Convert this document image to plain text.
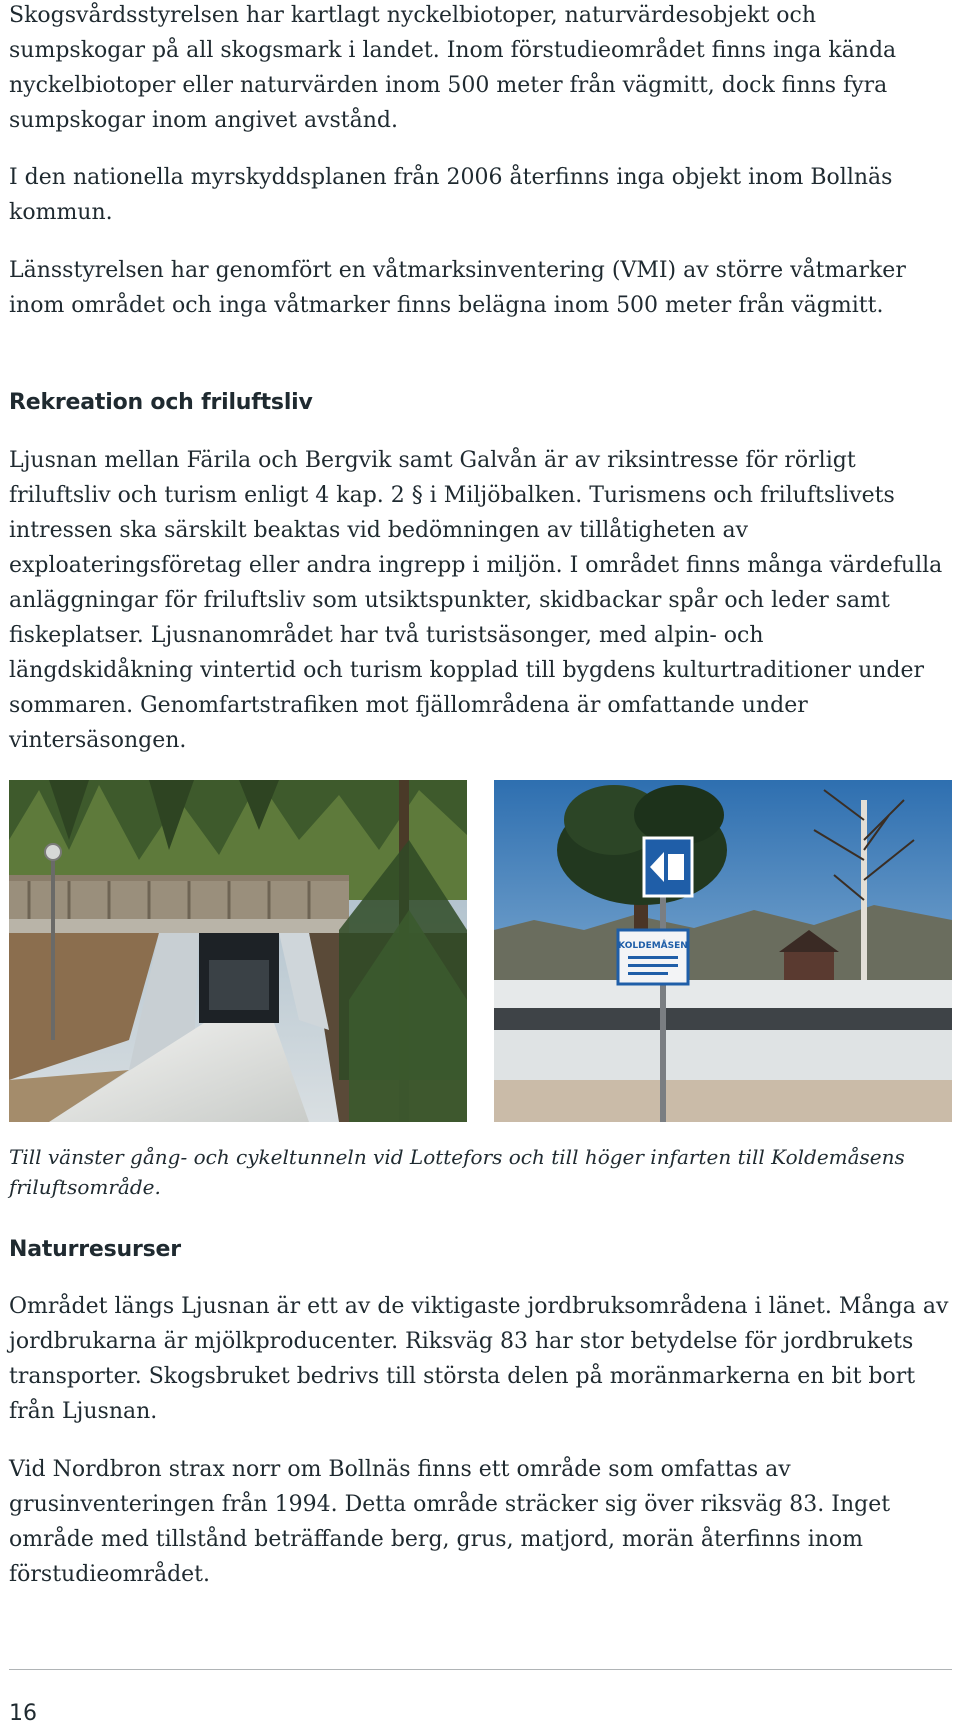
Skogsvårdsstyrelsen har kartlagt nyckelbiotoper, naturvärdesobjekt och sumpskogar på all skogsmark i landet. Inom förstudieområdet finns inga kända nyckelbiotoper eller naturvärden inom 500 meter från vägmitt, dock finns fyra sumpskogar inom angivet avstånd.

I den nationella myrskyddsplanen från 2006 återfinns inga objekt inom Bollnäs kommun.

Länsstyrelsen har genomfört en våtmarksinventering (VMI) av större våtmarker inom området och inga våtmarker finns belägna inom 500 meter från vägmitt.

Rekreation och friluftsliv

Ljusnan mellan Färila och Bergvik samt Galvån är av riksintresse för rörligt friluftsliv och turism enligt 4 kap. 2 § i Miljöbalken. Turismens och friluftslivets intressen ska särskilt beaktas vid bedömningen av tillåtigheten av exploateringsföretag eller andra ingrepp i miljön. I området finns många värdefulla anläggningar för friluftsliv som utsiktspunkter, skidbackar spår och leder samt fiskeplatser. Ljusnanområdet har två turistsäsonger, med alpin- och längdskidåkning vintertid och turism kopplad till bygdens kulturtraditioner under sommaren. Genomfartstrafiken mot fjällområdena är omfattande under vintersäsongen.

KOLDEMÅSEN

Till vänster gång- och cykeltunneln vid Lottefors och till höger infarten till Koldemåsens friluftsområde.

Naturresurser

Området längs Ljusnan är ett av de viktigaste jordbruksområdena i länet. Många av jordbrukarna är mjölkproducenter. Riksväg 83 har stor betydelse för jordbrukets transporter. Skogsbruket bedrivs till största delen på moränmarkerna en bit bort från Ljusnan.

Vid Nordbron strax norr om Bollnäs finns ett område som omfattas av grusinventeringen från 1994. Detta område sträcker sig över riksväg 83. Inget område med tillstånd beträffande berg, grus, matjord, morän återfinns inom förstudieområdet.

16
